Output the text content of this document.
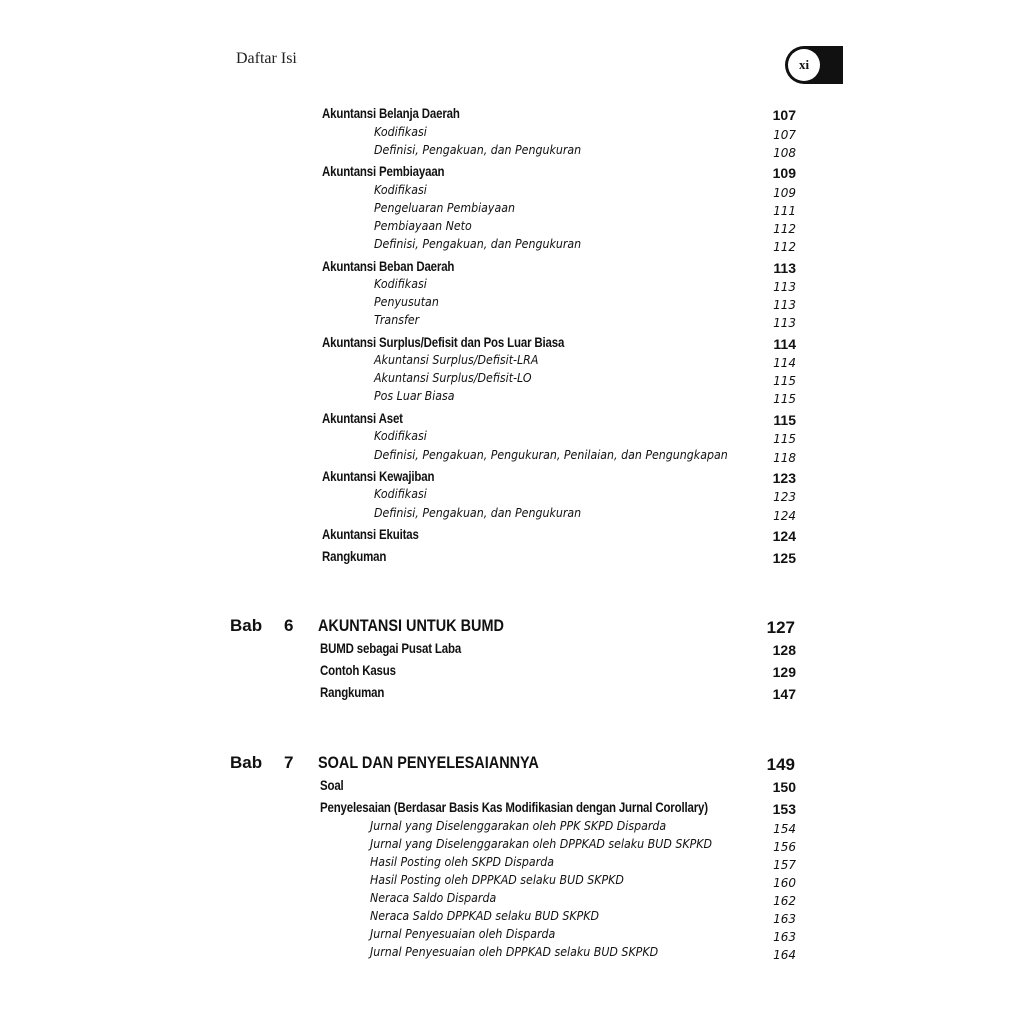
Daftar Isi	xi
Akuntansi Belanja Daerah	107
Kodifikasi	107
Definisi, Pengakuan, dan Pengukuran	108
Akuntansi Pembiayaan	109
Kodifikasi	109
Pengeluaran Pembiayaan	111
Pembiayaan Neto	112
Definisi, Pengakuan, dan Pengukuran	112
Akuntansi Beban Daerah	113
Kodifikasi	113
Penyusutan	113
Transfer	113
Akuntansi Surplus/Defisit dan Pos Luar Biasa	114
Akuntansi Surplus/Defisit-LRA	114
Akuntansi Surplus/Defisit-LO	115
Pos Luar Biasa	115
Akuntansi Aset	115
Kodifikasi	115
Definisi, Pengakuan, Pengukuran, Penilaian, dan Pengungkapan	118
Akuntansi Kewajiban	123
Kodifikasi	123
Definisi, Pengakuan, dan Pengukuran	124
Akuntansi Ekuitas	124
Rangkuman	125
Bab 6 AKUNTANSI UNTUK BUMD	127
BUMD sebagai Pusat Laba	128
Contoh Kasus	129
Rangkuman	147
Bab 7 SOAL DAN PENYELESAIANNYA	149
Soal	150
Penyelesaian (Berdasar Basis Kas Modifikasian dengan Jurnal Corollary)	153
Jurnal yang Diselenggarakan oleh PPK SKPD Disparda	154
Jurnal yang Diselenggarakan oleh DPPKAD selaku BUD SKPKD	156
Hasil Posting oleh SKPD Disparda	157
Hasil Posting oleh DPPKAD selaku BUD SKPKD	160
Neraca Saldo Disparda	162
Neraca Saldo DPPKAD selaku BUD SKPKD	163
Jurnal Penyesuaian oleh Disparda	163
Jurnal Penyesuaian oleh DPPKAD selaku BUD SKPKD	164
